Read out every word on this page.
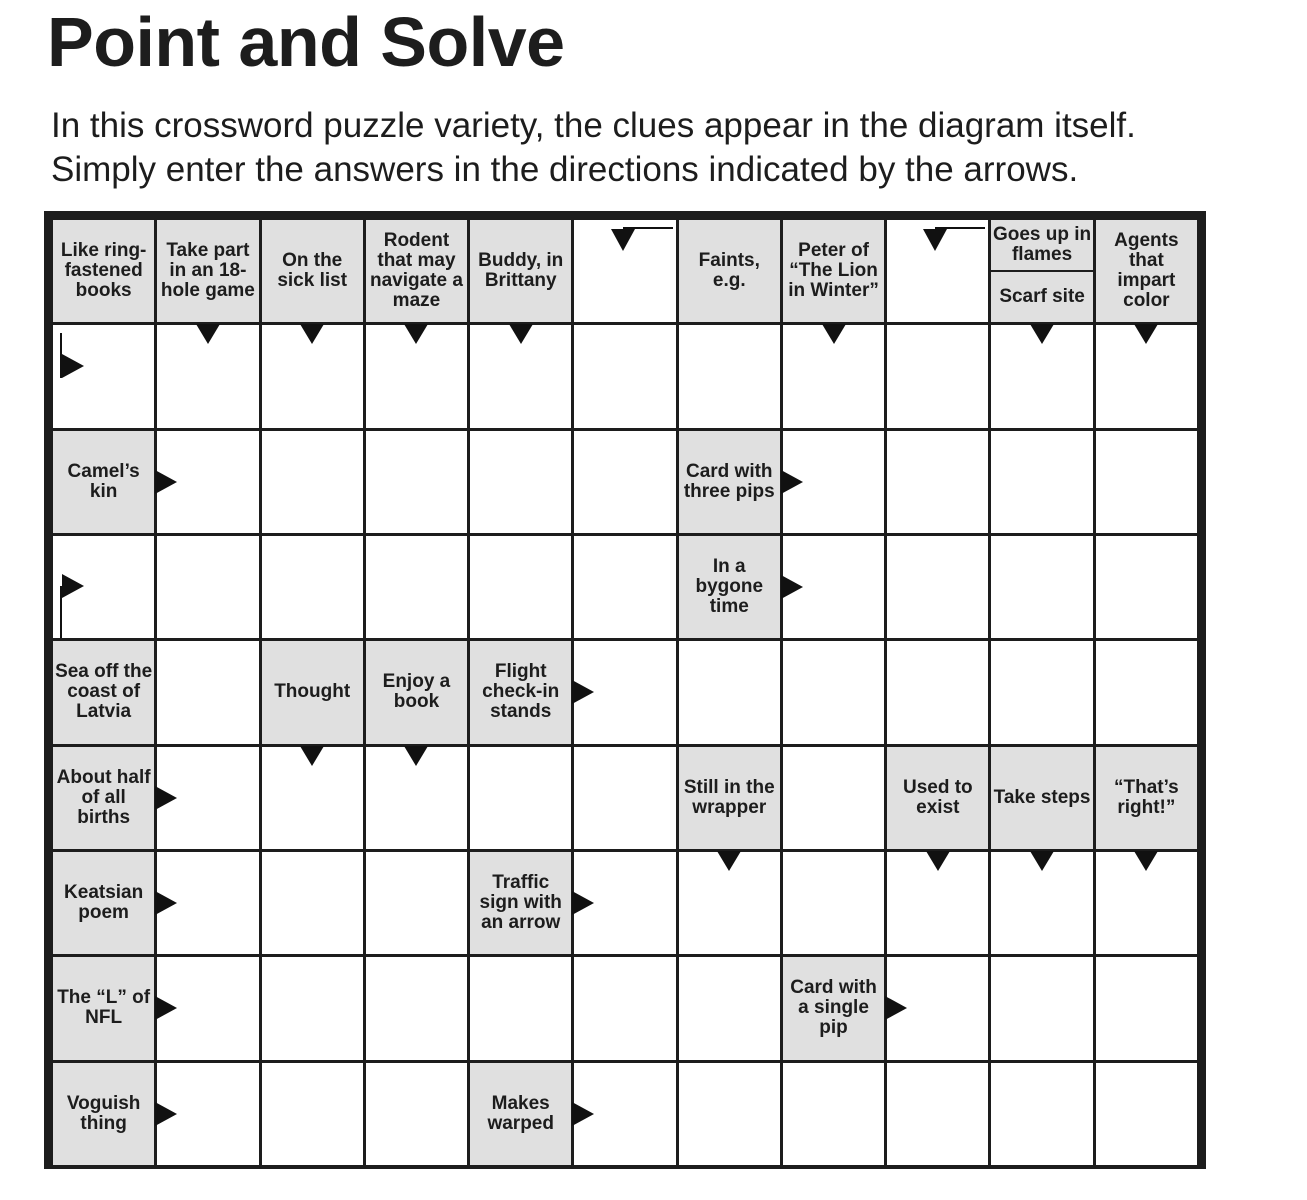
Point and Solve

In this crossword puzzle variety, the clues appear in the diagram itself.

Simply enter the answers in the directions indicated by the arrows.

Like ring-fastened books
Take part in an 18-hole game
On the sick list
Rodent that may navigate a maze
Buddy, in Brittany
Faints, e.g.
Peter of “The Lion in Winter”
Goes up in flames
Scarf site
Agents that impart color
Camel’s kin
Card with three pips
In a bygone time
Sea off the coast of Latvia
Thought	Enjoy a book
Flight check-in stands
About half of all births
Still in the wrapper
Used to exist	Take steps	“That’s right!”
Keatsian poem
Traffic sign with an arrow
The “L” of NFL
Card with a single pip
Voguish thing
Makes warped
